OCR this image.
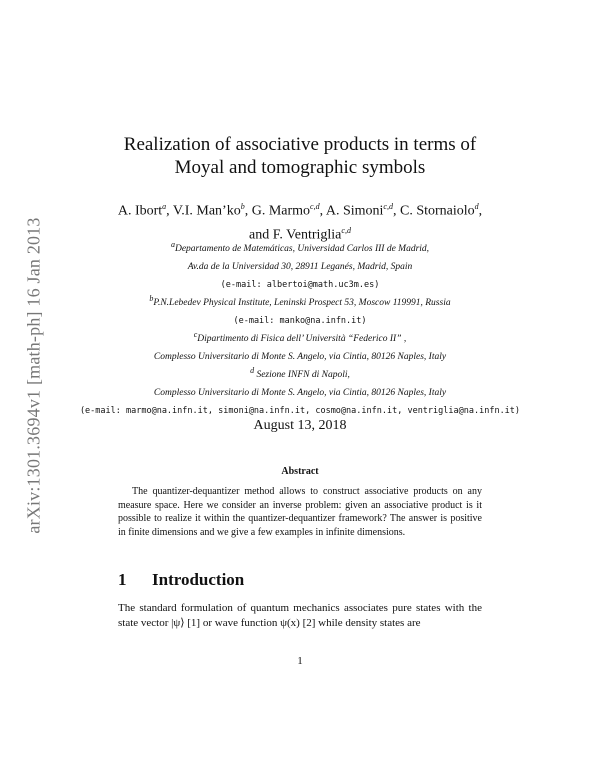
arXiv:1301.3694v1 [math-ph] 16 Jan 2013
Realization of associative products in terms of
Moyal and tomographic symbols
A. Ibort$^a$, V.I. $Man’ko^b$, G. Marmo$^{c,d}$, A. Simoni$^{c,d}$, C. Stornaiolo$^d$,
and F. Ventriglia$^{c,d}$
$^a$Departamento de Matemáticas, Universidad Carlos III de Madrid,
Av.da de la Universidad 30, 28911 Leganés, Madrid, Spain
(e-mail: albertoi@math.uc3m.es)
$^b$P.N.Lebedev Physical Institute, Leninski Prospect 53, Moscow 119991, Russia
(e-mail: manko@na.infn.it)
$^c$Dipartimento di Fisica dell’ Università “Federico II” ,
Complesso Universitario di Monte S. Angelo, via Cintia, 80126 Naples, Italy
$^d$ Sezione INFN di Napoli,
Complesso Universitario di Monte S. Angelo, via Cintia, 80126 Naples, Italy
(e-mail: marmo@na.infn.it, simoni@na.infn.it, cosmo@na.infn.it, ventriglia@na.infn.it)
August 13, 2018
Abstract

The quantizer-dequantizer method allows to construct associative products on any measure space. Here we consider an inverse problem: given an associative product is it possible to realize it within the quantizer-dequantizer framework? The answer is positive in finite dimensions and we give a few examples in infinite dimensions.

1 Introduction

The standard formulation of quantum mechanics associates pure states with the state vector |ψ⟩ [1] or wave function ψ(x) [2] while density states are

1
